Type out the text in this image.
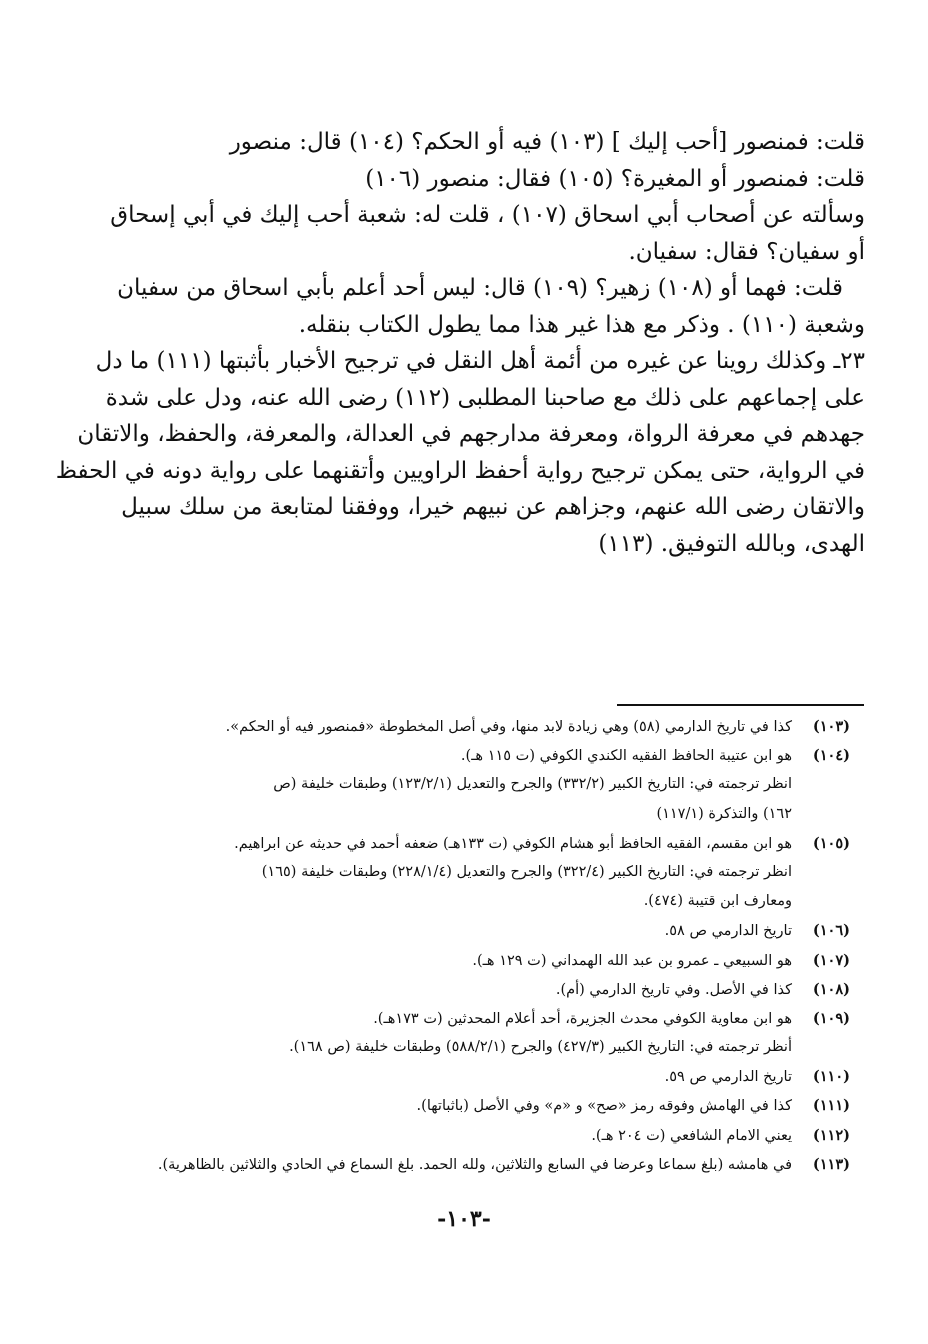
قلت: فمنصور [أحب إليك ] (١٠٣) فيه أو الحكم؟ (١٠٤) قال: منصور
قلت: فمنصور أو المغيرة؟ (١٠٥) فقال: منصور (١٠٦)
وسألته عن أصحاب أبي اسحاق (١٠٧) ، قلت له: شعبة أحب إليك في أبي إسحاق
أو سفيان؟ فقال: سفيان.
قلت: فهما أو (١٠٨) زهير؟ (١٠٩) قال: ليس أحد أعلم بأبي اسحاق من سفيان
وشعبة (١١٠) . وذكر مع هذا غير هذا مما يطول الكتاب بنقله.
٢٣ـ وكذلك روينا عن غيره من أئمة أهل النقل في ترجيح الأخبار بأثبتها (١١١) ما دل
على إجماعهم على ذلك مع صاحبنا المطلبى (١١٢) رضى الله عنه، ودل على شدة
جهدهم في معرفة الرواة، ومعرفة مدارجهم في العدالة، والمعرفة، والحفظ، والاتقان
في الرواية، حتى يمكن ترجيح رواية أحفظ الراويين وأتقنهما على رواية دونه في الحفظ
والاتقان رضى الله عنهم، وجزاهم عن نبيهم خيرا، ووفقنا لمتابعة من سلك سبيل
الهدى، وبالله التوفيق. (١١٣)
(١٠٣)كذا في تاريخ الدارمي (٥٨) وهي زيادة لابد منها، وفي أصل المخطوطة «فمنصور فيه أو الحكم».
(١٠٤)هو ابن عتيبة الحافظ الفقيه الكندي الكوفي (ت ١١٥ هـ).
انظر ترجمته في: التاريخ الكبير (٣٣٢/٢) والجرح والتعديل (١٢٣/٢/١) وطبقات خليفة (ص
١٦٢) والتذكرة (١١٧/١)
(١٠٥)هو ابن مقسم، الفقيه الحافظ أبو هشام الكوفي (ت ١٣٣هـ) ضعفه أحمد في حديثه عن ابراهيم.
انظر ترجمته في: التاريخ الكبير (٣٢٢/٤) والجرح والتعديل (٢٢٨/١/٤) وطبقات خليفة (١٦٥)
ومعارف ابن قتيبة (٤٧٤).
(١٠٦)تاريخ الدارمي ص ٥٨.
(١٠٧)هو السبيعي ـ عمرو بن عبد الله الهمداني (ت ١٢٩ هـ).
(١٠٨)كذا في الأصل. وفي تاريخ الدارمي (أم).
(١٠٩)هو ابن معاوية الكوفي محدث الجزيرة، أحد أعلام المحدثين (ت ١٧٣هـ).
أنظر ترجمته في: التاريخ الكبير (٤٢٧/٣) والجرح (٥٨٨/٢/١) وطبقات خليفة (ص ١٦٨).
(١١٠)تاريخ الدارمي ص ٥٩.
(١١١)كذا في الهامش وفوقه رمز «صح» و «م» وفي الأصل (باثباتها).
(١١٢)يعني الامام الشافعي (ت ٢٠٤ هـ).
(١١٣)في هامشه (بلغ سماعا وعرضا في السابع والثلاثين، ولله الحمد. بلغ السماع في الحادي والثلاثين بالظاهرية).
-١٠٣-
